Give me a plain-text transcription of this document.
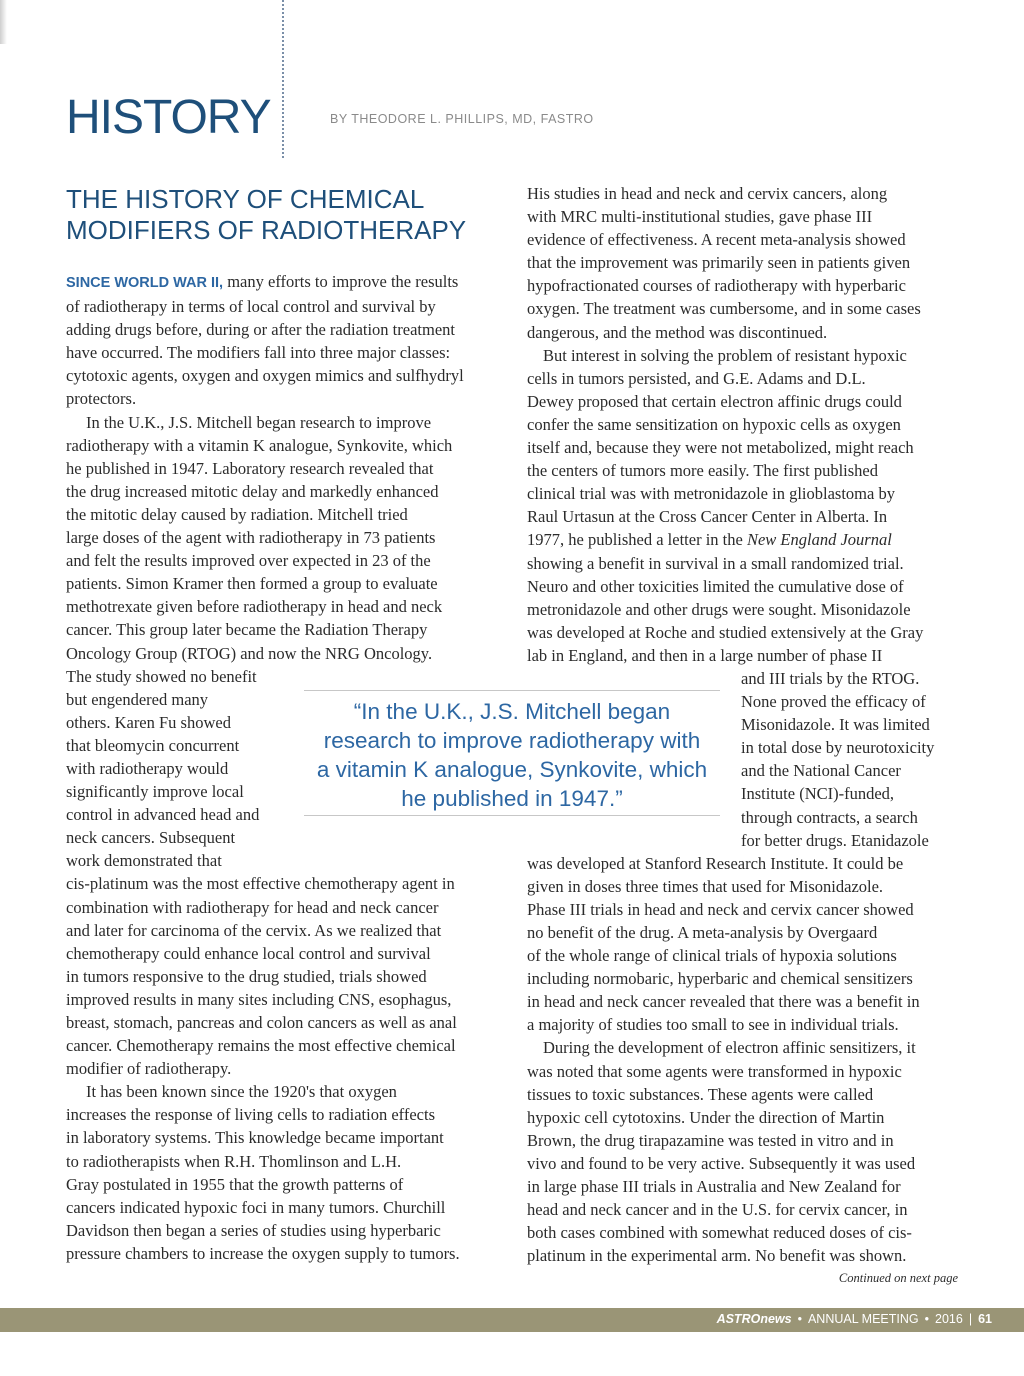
HISTORY	BY THEODORE L. PHILLIPS, MD, FASTRO
THE HISTORY OF CHEMICAL
MODIFIERS OF RADIOTHERAPY

SINCE WORLD WAR II, many efforts to improve the results
of radiotherapy in terms of local control and survival by
adding drugs before, during or after the radiation treatment
have occurred. The modifiers fall into three major classes:
cytotoxic agents, oxygen and oxygen mimics and sulfhydryl
protectors.

In the U.K., J.S. Mitchell began research to improve
radiotherapy with a vitamin K analogue, Synkovite, which
he published in 1947. Laboratory research revealed that
the drug increased mitotic delay and markedly enhanced
the mitotic delay caused by radiation. Mitchell tried
large doses of the agent with radiotherapy in 73 patients
and felt the results improved over expected in 23 of the
patients. Simon Kramer then formed a group to evaluate
methotrexate given before radiotherapy in head and neck
cancer. This group later became the Radiation Therapy
Oncology Group (RTOG) and now the NRG Oncology.
The study showed no benefit
but engendered many
others. Karen Fu showed
that bleomycin concurrent
with radiotherapy would
significantly improve local
control in advanced head and
neck cancers. Subsequent
work demonstrated that
cis-platinum was the most effective chemotherapy agent in
combination with radiotherapy for head and neck cancer
and later for carcinoma of the cervix. As we realized that
chemotherapy could enhance local control and survival
in tumors responsive to the drug studied, trials showed
improved results in many sites including CNS, esophagus,
breast, stomach, pancreas and colon cancers as well as anal
cancer. Chemotherapy remains the most effective chemical
modifier of radiotherapy.

It has been known since the 1920's that oxygen
increases the response of living cells to radiation effects
in laboratory systems. This knowledge became important
to radiotherapists when R.H. Thomlinson and L.H.
Gray postulated in 1955 that the growth patterns of
cancers indicated hypoxic foci in many tumors. Churchill
Davidson then began a series of studies using hyperbaric
pressure chambers to increase the oxygen supply to tumors.

His studies in head and neck and cervix cancers, along
with MRC multi-institutional studies, gave phase III
evidence of effectiveness. A recent meta-analysis showed
that the improvement was primarily seen in patients given
hypofractionated courses of radiotherapy with hyperbaric
oxygen. The treatment was cumbersome, and in some cases
dangerous, and the method was discontinued.

But interest in solving the problem of resistant hypoxic
cells in tumors persisted, and G.E. Adams and D.L.
Dewey proposed that certain electron affinic drugs could
confer the same sensitization on hypoxic cells as oxygen
itself and, because they were not metabolized, might reach
the centers of tumors more easily. The first published
clinical trial was with metronidazole in glioblastoma by
Raul Urtasun at the Cross Cancer Center in Alberta. In
1977, he published a letter in the New England Journal
showing a benefit in survival in a small randomized trial.
Neuro and other toxicities limited the cumulative dose of
metronidazole and other drugs were sought. Misonidazole
was developed at Roche and studied extensively at the Gray
lab in England, and then in a large number of phase II
and III trials by the RTOG.
None proved the efficacy of
Misonidazole. It was limited
in total dose by neurotoxicity
and the National Cancer
Institute (NCI)-funded,
through contracts, a search
for better drugs. Etanidazole
was developed at Stanford Research Institute. It could be
given in doses three times that used for Misonidazole.
Phase III trials in head and neck and cervix cancer showed
no benefit of the drug. A meta-analysis by Overgaard
of the whole range of clinical trials of hypoxia solutions
including normobaric, hyperbaric and chemical sensitizers
in head and neck cancer revealed that there was a benefit in
a majority of studies too small to see in individual trials.

During the development of electron affinic sensitizers, it
was noted that some agents were transformed in hypoxic
tissues to toxic substances. These agents were called
hypoxic cell cytotoxins. Under the direction of Martin
Brown, the drug tirapazamine was tested in vitro and in
vivo and found to be very active. Subsequently it was used
in large phase III trials in Australia and New Zealand for
head and neck cancer and in the U.S. for cervix cancer, in
both cases combined with somewhat reduced doses of cis-
platinum in the experimental arm. No benefit was shown.

“In the U.K., J.S. Mitchell began
research to improve radiotherapy with
a vitamin K analogue, Synkovite, which
he published in 1947.”
Continued on next page
ASTROnews • ANNUAL MEETING • 2016 | 61
